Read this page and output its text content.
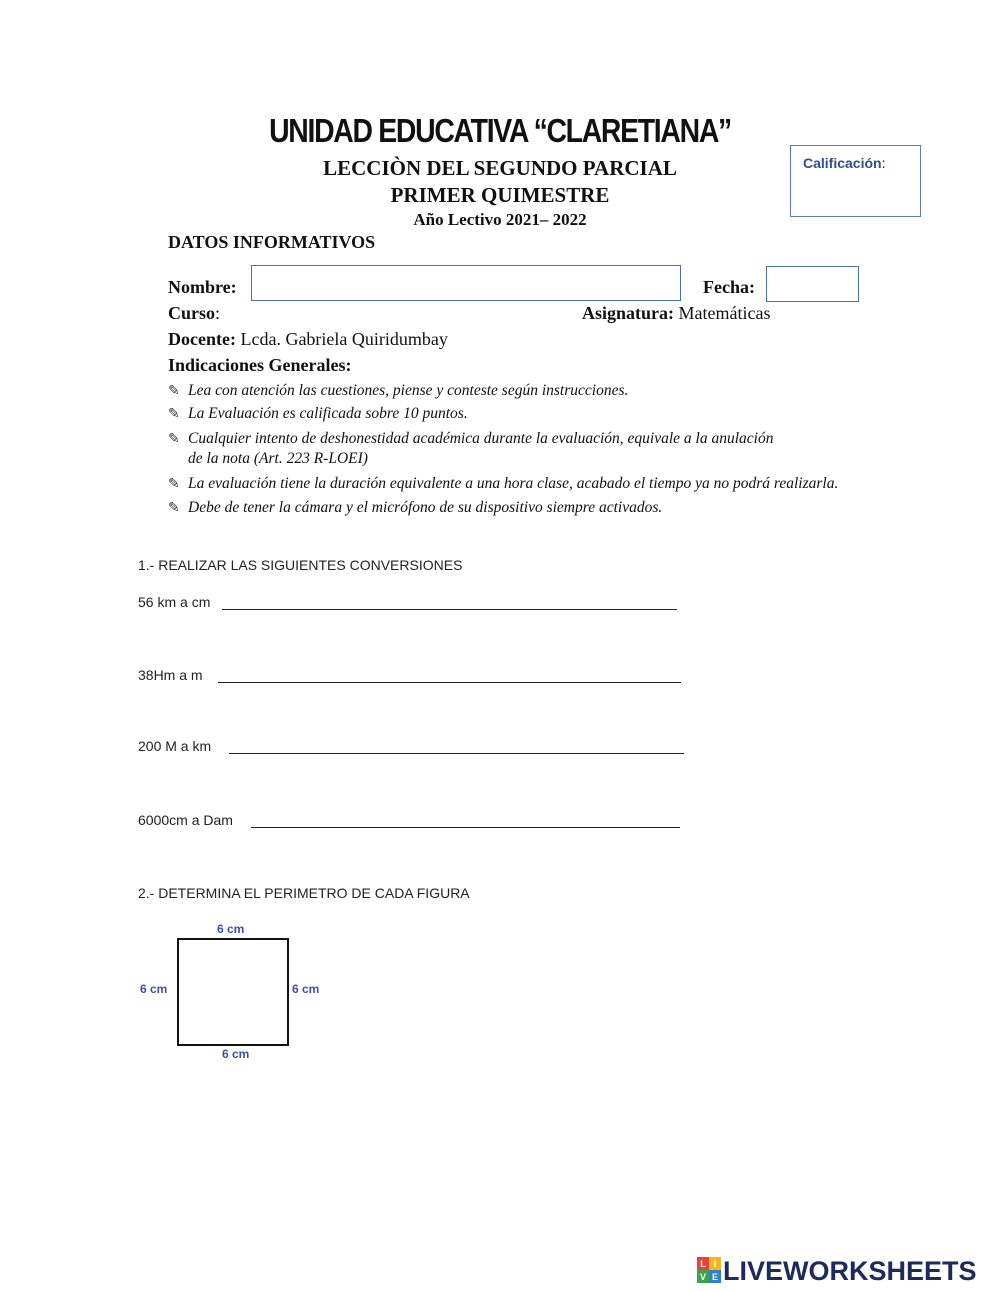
UNIDAD EDUCATIVA “CLARETIANA”
LECCIÒN DEL SEGUNDO PARCIAL
PRIMER QUIMESTRE
Año Lectivo 2021– 2022
Calificación:
DATOS INFORMATIVOS
Nombre:	Fecha:
Curso:	Asignatura: Matemáticas
Docente: Lcda. Gabriela Quiridumbay
Indicaciones Generales:
✎ Lea con atención las cuestiones, piense y conteste según instrucciones.
✎ La Evaluación es calificada sobre 10 puntos.
✎ Cualquier intento de deshonestidad académica durante la evaluación, equivale a la anulación
de la nota (Art. 223 R-LOEI)
✎ La evaluación tiene la duración equivalente a una hora clase, acabado el tiempo ya no podrá realizarla.
✎ Debe de tener la cámara y el micrófono de su dispositivo siempre activados.
1.- REALIZAR LAS SIGUIENTES CONVERSIONES
56 km a cm
38Hm a m
200 M a km
6000cm a Dam
2.- DETERMINA EL PERIMETRO DE CADA FIGURA
6 cm
6 cm	6 cm
6 cm
L I
V E LIVEWORKSHEETS
